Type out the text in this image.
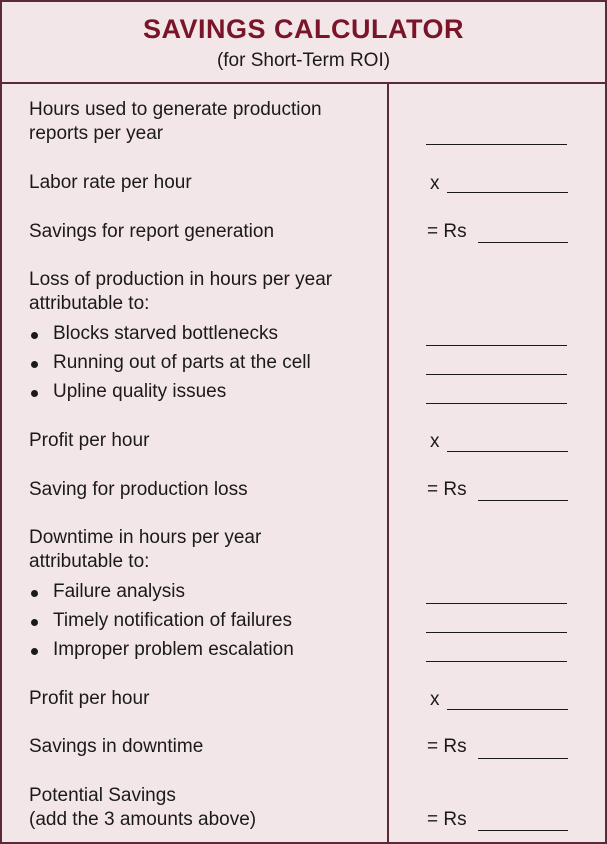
SAVINGS CALCULATOR
(for Short-Term ROI)
Hours used to generate production
reports per year
Labor rate per hour	x
Savings for report generation	= Rs
Loss of production in hours per year
attributable to:
Blocks starved bottlenecks
Running out of parts at the cell
Upline quality issues
Profit per hour	x
Saving for production loss	= Rs
Downtime in hours per year
attributable to:
Failure analysis
Timely notification of failures
Improper problem escalation
Profit per hour	x
Savings in downtime	= Rs
Potential Savings
(add the 3 amounts above)	= Rs
